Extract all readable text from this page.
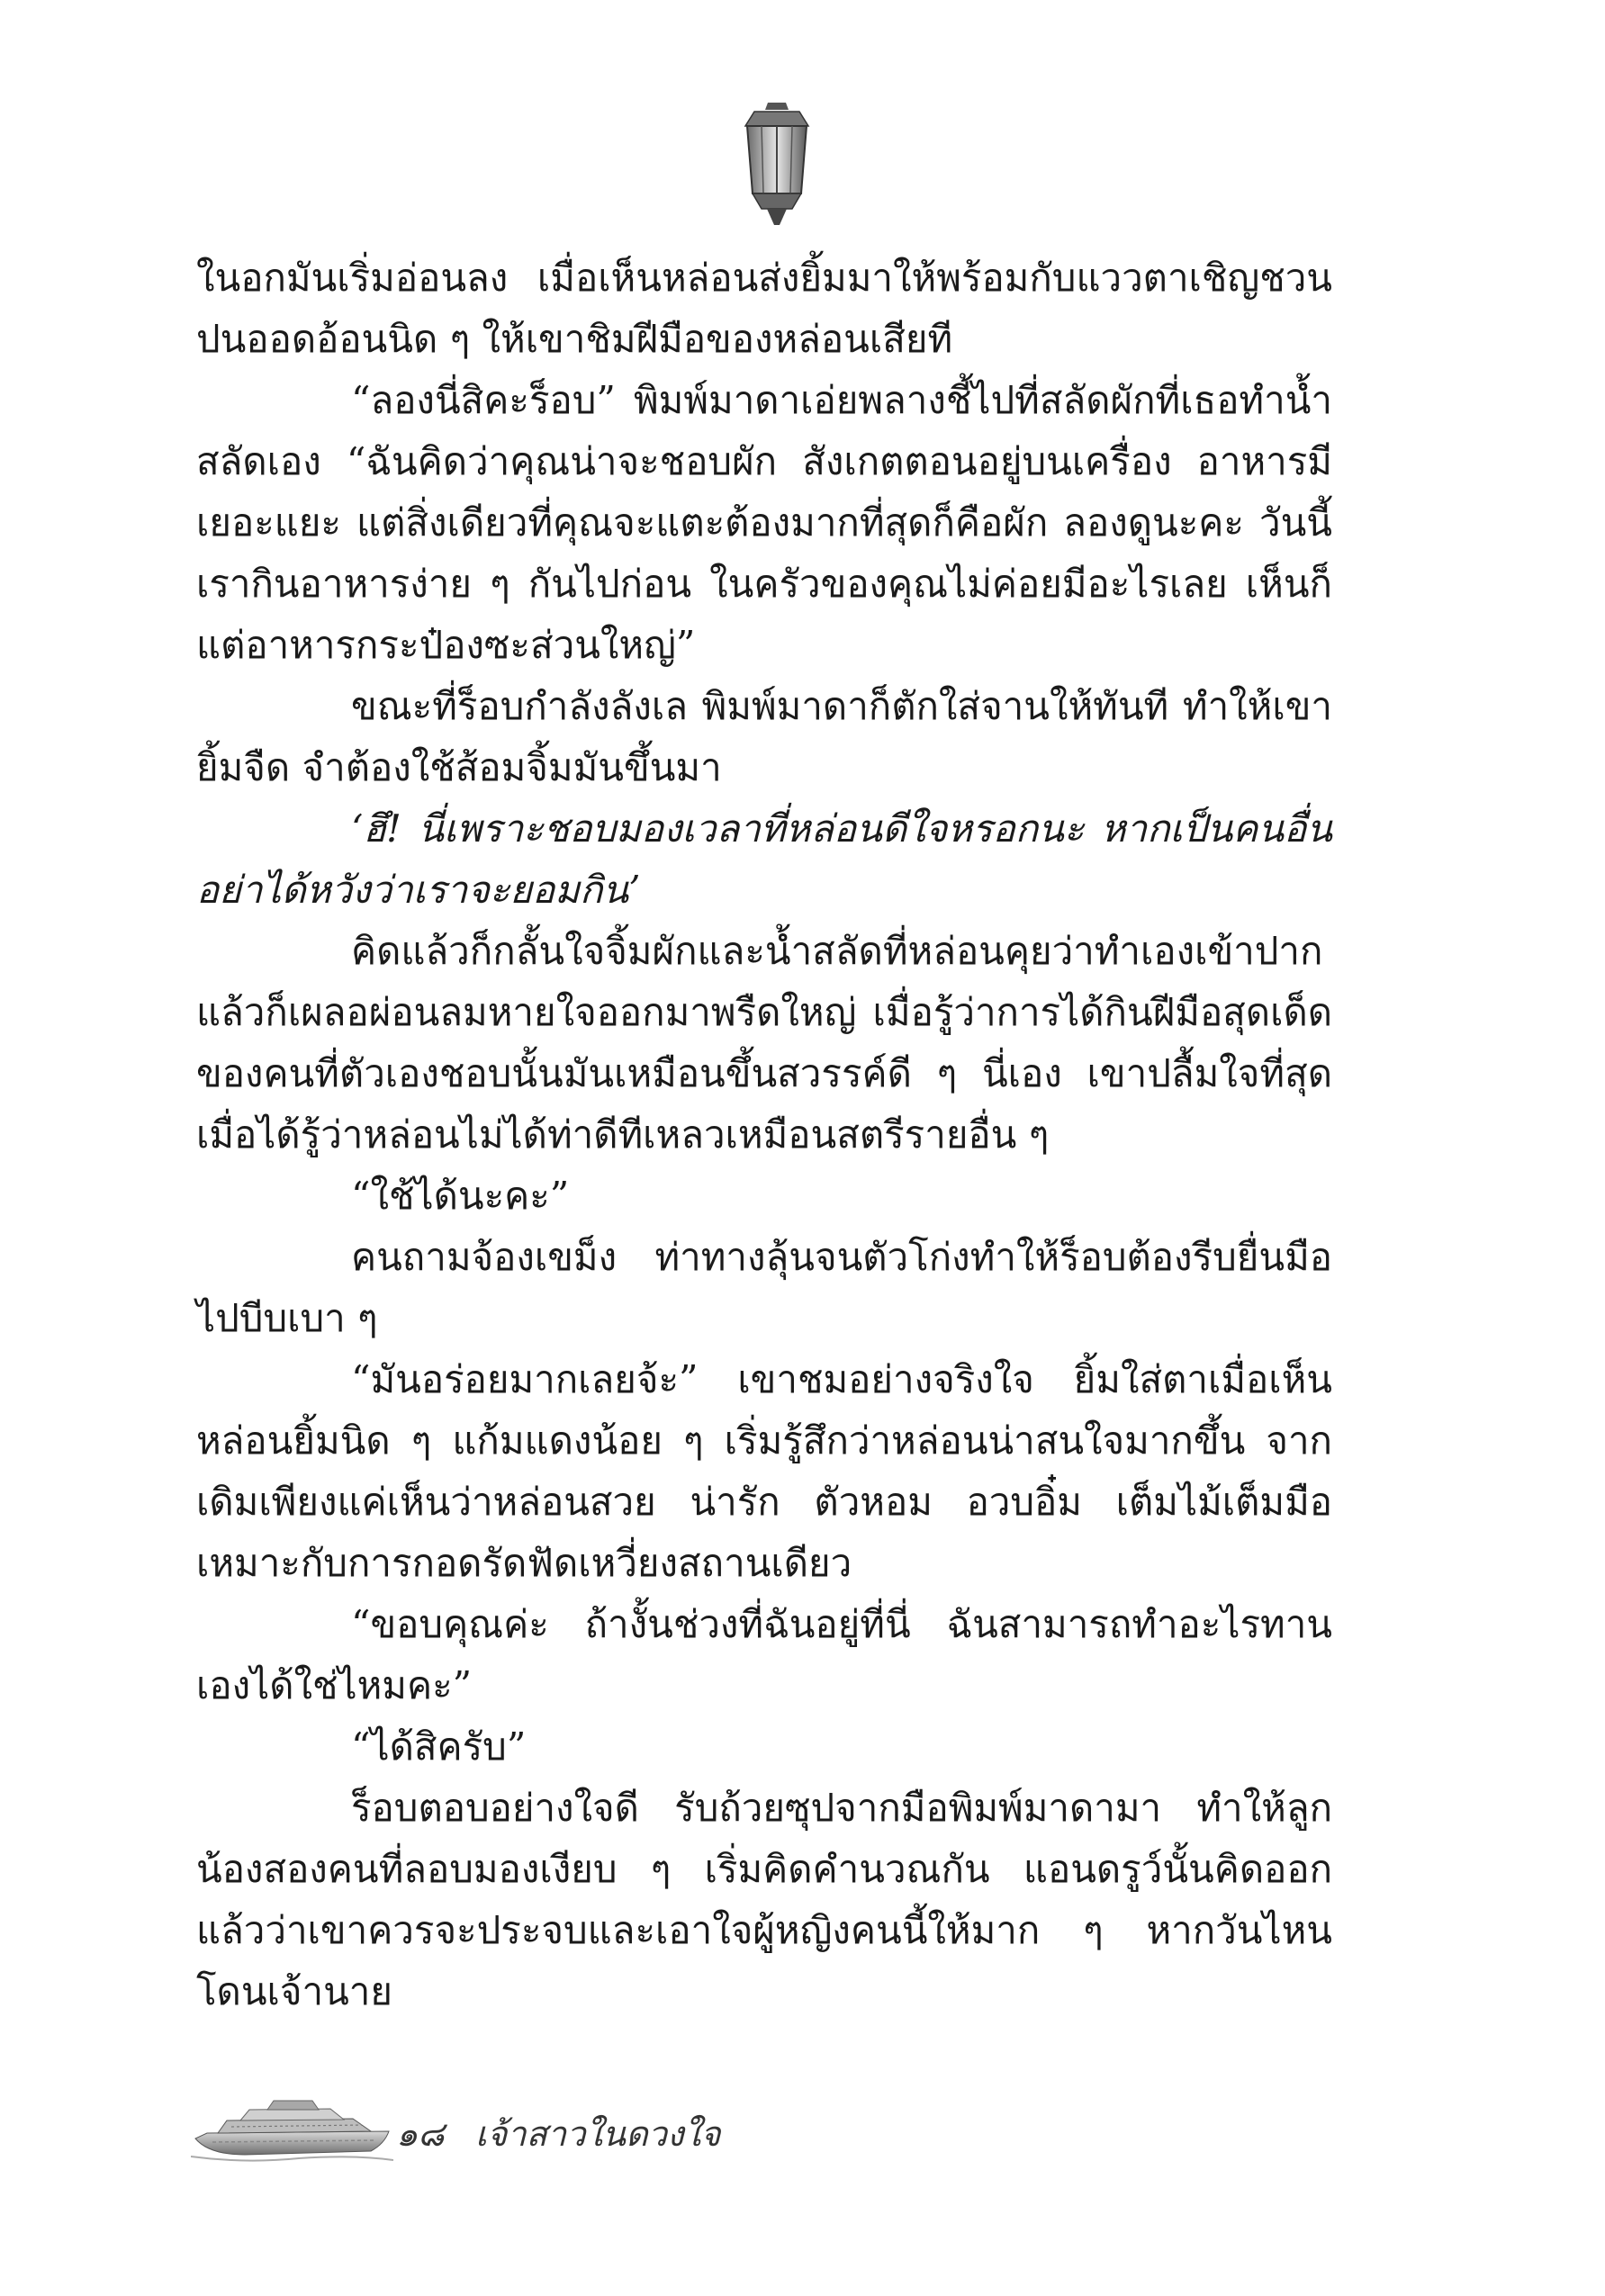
ในอกมันเริ่มอ่อนลง เมื่อเห็นหล่อนส่งยิ้มมาให้พร้อมกับแววตาเชิญชวนปนออดอ้อนนิด ๆ ให้เขาชิมฝีมือของหล่อนเสียที

“ลองนี่สิคะร็อบ” พิมพ์มาดาเอ่ยพลางชี้ไปที่สลัดผักที่เธอทำน้ำสลัดเอง “ฉันคิดว่าคุณน่าจะชอบผัก สังเกตตอนอยู่บนเครื่อง อาหารมีเยอะแยะ แต่สิ่งเดียวที่คุณจะแตะต้องมากที่สุดก็คือผัก ลองดูนะคะ วันนี้เรากินอาหารง่าย ๆ กันไปก่อน ในครัวของคุณไม่ค่อยมีอะไรเลย เห็นก็แต่อาหารกระป๋องซะส่วนใหญ่”

ขณะที่ร็อบกำลังลังเล พิมพ์มาดาก็ตักใส่จานให้ทันที ทำให้เขายิ้มจืด จำต้องใช้ส้อมจิ้มมันขึ้นมา

‘ฮึ! นี่เพราะชอบมองเวลาที่หล่อนดีใจหรอกนะ หากเป็นคนอื่นอย่าได้หวังว่าเราจะยอมกิน’

คิดแล้วก็กลั้นใจจิ้มผักและน้ำสลัดที่หล่อนคุยว่าทำเองเข้าปาก แล้วก็เผลอผ่อนลมหายใจออกมาพรืดใหญ่ เมื่อรู้ว่าการได้กินฝีมือสุดเด็ดของคนที่ตัวเองชอบนั้นมันเหมือนขึ้นสวรรค์ดี ๆ นี่เอง เขาปลื้มใจที่สุด เมื่อได้รู้ว่าหล่อนไม่ได้ท่าดีทีเหลวเหมือนสตรีรายอื่น ๆ

“ใช้ได้นะคะ”

คนถามจ้องเขม็ง ท่าทางลุ้นจนตัวโก่งทำให้ร็อบต้องรีบยื่นมือไปบีบเบา ๆ

“มันอร่อยมากเลยจ้ะ” เขาชมอย่างจริงใจ ยิ้มใส่ตาเมื่อเห็นหล่อนยิ้มนิด ๆ แก้มแดงน้อย ๆ เริ่มรู้สึกว่าหล่อนน่าสนใจมากขึ้น จากเดิมเพียงแค่เห็นว่าหล่อนสวย น่ารัก ตัวหอม อวบอิ๋ม เต็มไม้เต็มมือเหมาะกับการกอดรัดฟัดเหวี่ยงสถานเดียว

“ขอบคุณค่ะ ถ้างั้นช่วงที่ฉันอยู่ที่นี่ ฉันสามารถทำอะไรทานเองได้ใช่ไหมคะ”

“ได้สิครับ”

ร็อบตอบอย่างใจดี รับถ้วยซุปจากมือพิมพ์มาดามา ทำให้ลูกน้องสองคนที่ลอบมองเงียบ ๆ เริ่มคิดคำนวณกัน แอนดรูว์นั้นคิดออกแล้วว่าเขาควรจะประจบและเอาใจผู้หญิงคนนี้ให้มาก ๆ หากวันไหนโดนเจ้านาย

๑๘ เจ้าสาวในดวงใจ
